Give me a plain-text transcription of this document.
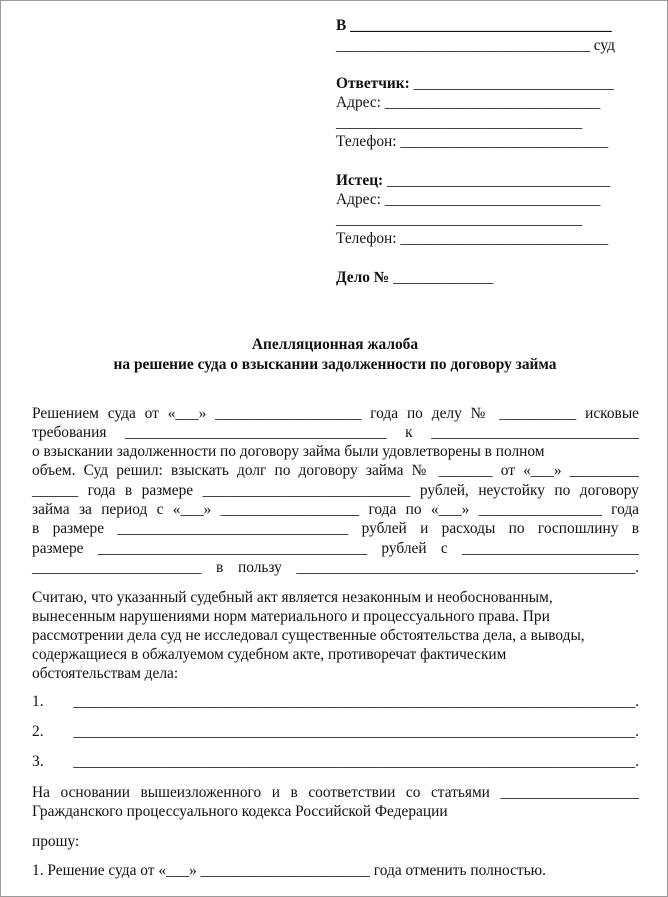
В __________________________________
_________________________________ суд
Ответчик: __________________________
Адрес: ____________________________
________________________________
Телефон: ___________________________
Истец: _____________________________
Адрес: ____________________________
________________________________
Телефон: ___________________________
Дело № _____________
Апелляционная жалоба
на решение суда о взыскании задолженности по договору займа
Решением суда от «___» ___________________ года по делу № __________ исковые
требования __________________________________ к ___________________________
о взыскании задолженности по договору займа были удовлетворены в полном
объем. Суд решил: взыскать долг по договору займа № _______ от «___» _________
______ года в размере ___________________________ рублей, неустойку по договору
займа за период с «___» __________________ года по «___» ________________ года
в размере ______________________________ рублей и расходы по госпошлину в
размере ___________________________________ рублей с _______________________
______________________ в пользу ____________________________________________.
Считаю, что указанный судебный акт является незаконным и необоснованным,
вынесенным нарушениями норм материального и процессуального права. При
рассмотрении дела суд не исследовал существенные обстоятельства дела, а выводы,
содержащиеся в обжалуемом судебном акте, противоречат фактическим
обстоятельствам дела:
1. _________________________________________________________________________.
2. _________________________________________________________________________.
3. _________________________________________________________________________.
На основании вышеизложенного и в соответствии со статьями __________________
Гражданского процессуального кодекса Российской Федерации
прошу:
1. Решение суда от «___» ______________________ года отменить полностью.
